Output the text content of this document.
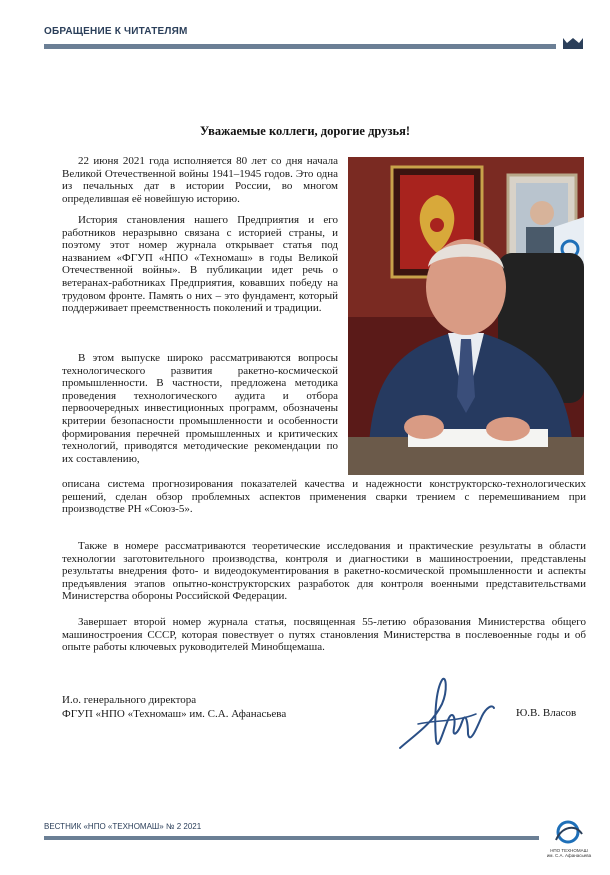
ОБРАЩЕНИЕ К ЧИТАТЕЛЯМ
Уважаемые коллеги, дорогие друзья!

22 июня 2021 года исполняется 80 лет со дня начала Великой Отечественной войны 1941–1945 годов. Это одна из печальных дат в истории России, во многом определившая её новейшую историю.

История становления нашего Предприятия и его работников неразрывно связана с историей страны, и поэтому этот номер журнала открывает статья под названием «ФГУП «НПО «Техномаш» в годы Великой Отечественной войны». В публикации идет речь о ветеранах-работниках Предприятия, ковавших победу на трудовом фронте. Память о них – это фундамент, который поддерживает преемственность поколений и традиции.

В этом выпуске широко рассматриваются вопросы технологического развития ракетно-космической промышленности. В частности, предложена методика проведения технологического аудита и отбора первоочередных инвестиционных программ, обозначены критерии безопасности промышленности и особенности формирования перечней промышленных и критических технологий, приводятся методические рекомендации по их составлению,

описана система прогнозирования показателей качества и надежности конструкторско-технологических решений, сделан обзор проблемных аспектов применения сварки трением с перемешиванием при производстве РН «Союз-5».

Также в номере рассматриваются теоретические исследования и практические результаты в области технологии заготовительного производства, контроля и диагностики в машиностроении, представлены результаты внедрения фото- и видеодокументирования в ракетно-космической промышленности и аспекты предъявления этапов опытно-конструкторских разработок для контроля военными представительствами Министерства обороны Российской Федерации.

Завершает второй номер журнала статья, посвященная 55-летию образования Министерства общего машиностроения СССР, которая повествует о путях становления Министерства в послевоенные годы и об опыте работы ключевых руководителей Минобщемаша.

И.о. генерального директора
ФГУП «НПО «Техномаш» им. С.А. Афанасьева	Ю.В. Власов
ВЕСТНИК «НПО «ТЕХНОМАШ» № 2 2021
НПО ТЕХНОМАШ
им. С.А. Афанасьева
